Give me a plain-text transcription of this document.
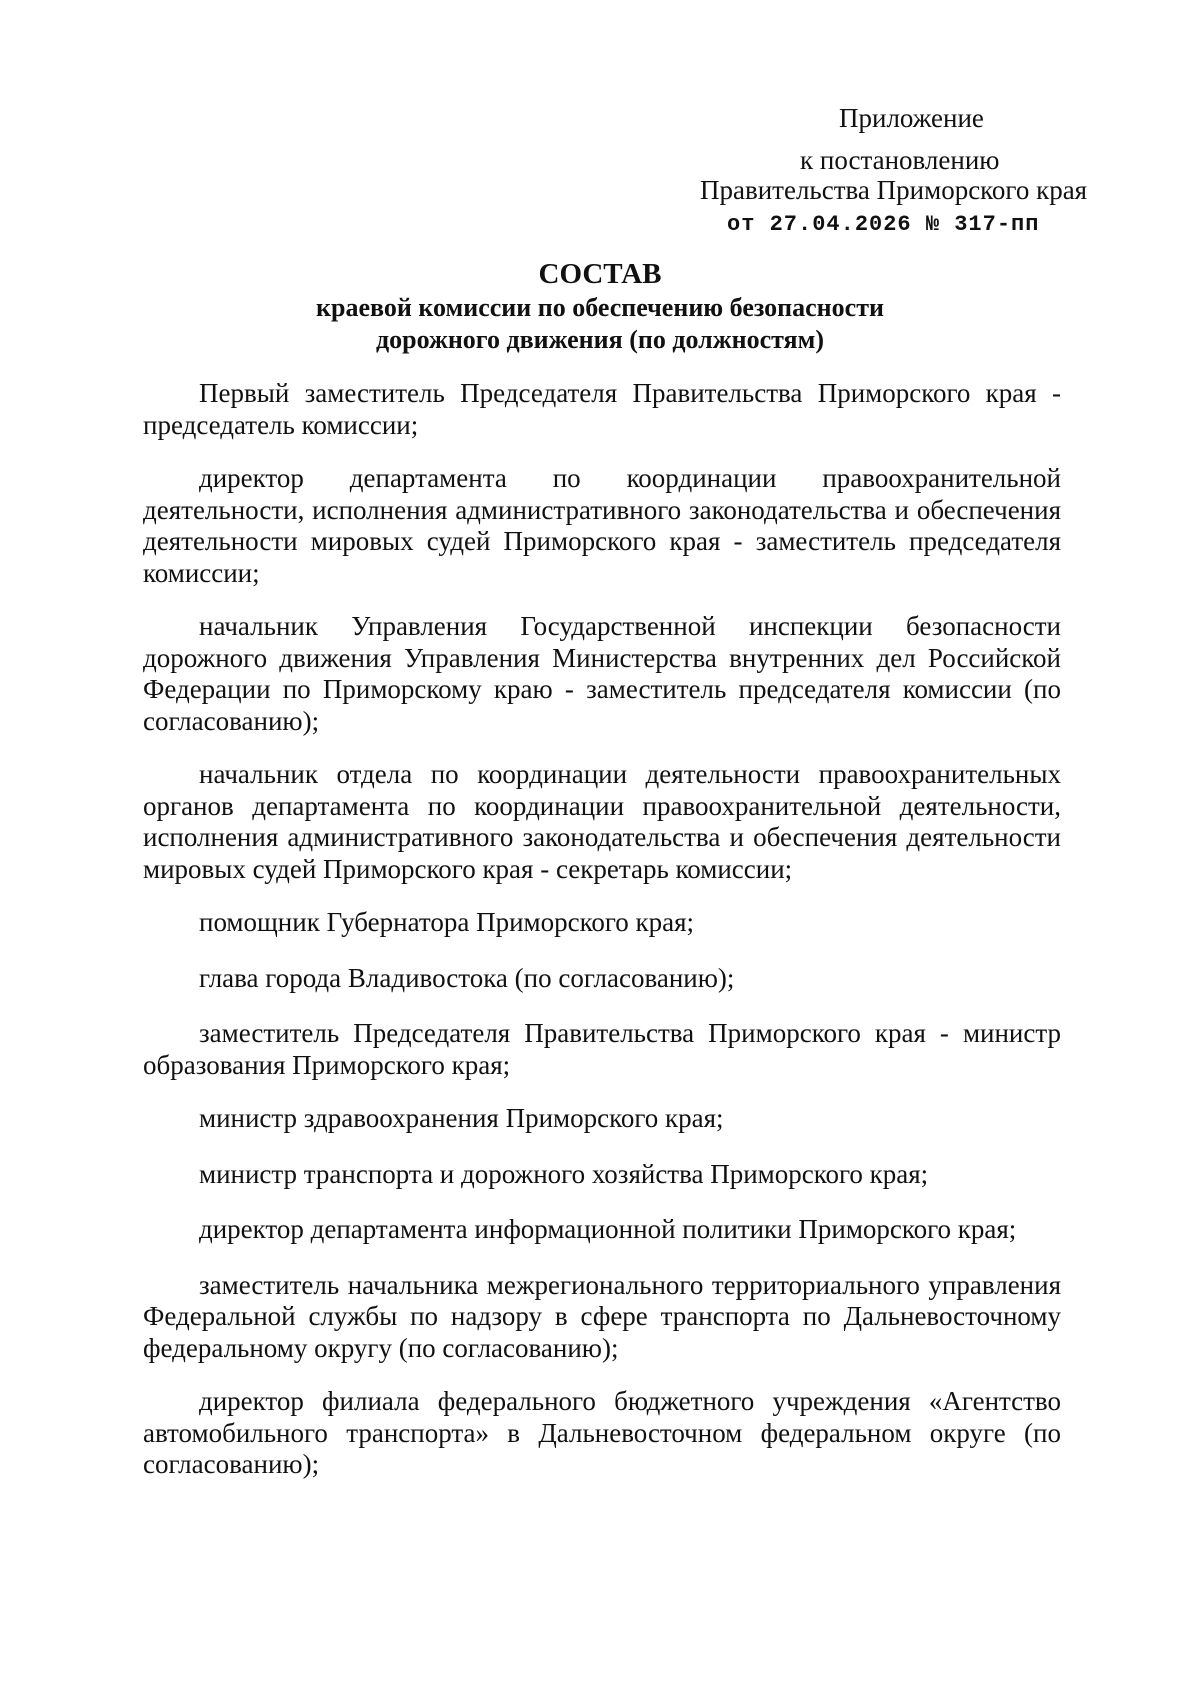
Приложение
к постановлению
Правительства Приморского края
от 27.04.2026 № 317-пп
СОСТАВ
краевой комиссии по обеспечению безопасности
дорожного движения (по должностям)

Первый заместитель Председателя Правительства Приморского края - председатель комиссии;

директор департамента по координации правоохранительной деятельности, исполнения административного законодательства и обеспечения деятельности мировых судей Приморского края - заместитель председателя комиссии;

начальник Управления Государственной инспекции безопасности дорожного движения Управления Министерства внутренних дел Российской Федерации по Приморскому краю - заместитель председателя комиссии (по согласованию);

начальник отдела по координации деятельности правоохранительных органов департамента по координации правоохранительной деятельности, исполнения административного законодательства и обеспечения деятельности мировых судей Приморского края - секретарь комиссии;

помощник Губернатора Приморского края;

глава города Владивостока (по согласованию);

заместитель Председателя Правительства Приморского края - министр образования Приморского края;

министр здравоохранения Приморского края;

министр транспорта и дорожного хозяйства Приморского края;

директор департамента информационной политики Приморского края;

заместитель начальника межрегионального территориального управления Федеральной службы по надзору в сфере транспорта по Дальневосточному федеральному округу (по согласованию);

директор филиала федерального бюджетного учреждения «Агентство автомобильного транспорта» в Дальневосточном федеральном округе (по согласованию);
